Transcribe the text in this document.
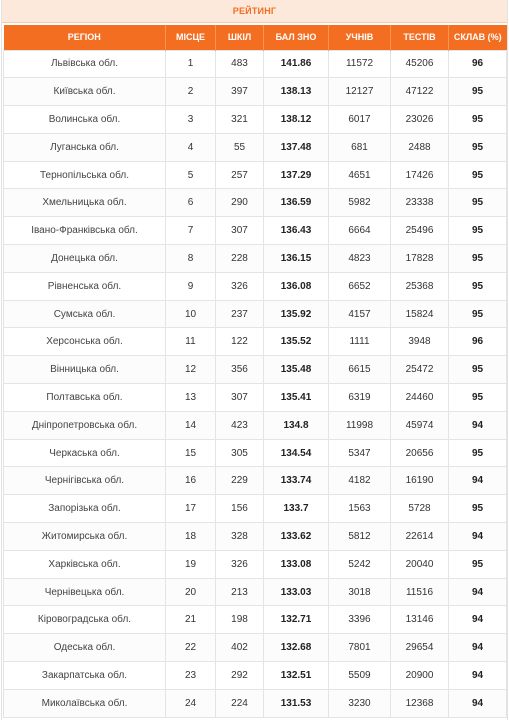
РЕЙТИНГ
РЕГІОН	МІСЦЕ	ШКІЛ	БАЛ ЗНО	УЧНІВ	ТЕСТІВ	СКЛАВ (%)
Львівська обл.	1	483	141.86	11572	45206	96
Київська обл.	2	397	138.13	12127	47122	95
Волинська обл.	3	321	138.12	6017	23026	95
Луганська обл.	4	55	137.48	681	2488	95
Тернопільська обл.	5	257	137.29	4651	17426	95
Хмельницька обл.	6	290	136.59	5982	23338	95
Івано-Франківська обл.	7	307	136.43	6664	25496	95
Донецька обл.	8	228	136.15	4823	17828	95
Рівненська обл.	9	326	136.08	6652	25368	95
Сумська обл.	10	237	135.92	4157	15824	95
Херсонська обл.	11	122	135.52	1111	3948	96
Вінницька обл.	12	356	135.48	6615	25472	95
Полтавська обл.	13	307	135.41	6319	24460	95
Дніпропетровська обл.	14	423	134.8	11998	45974	94
Черкаська обл.	15	305	134.54	5347	20656	95
Чернігівська обл.	16	229	133.74	4182	16190	94
Запорізька обл.	17	156	133.7	1563	5728	95
Житомирська обл.	18	328	133.62	5812	22614	94
Харківська обл.	19	326	133.08	5242	20040	95
Чернівецька обл.	20	213	133.03	3018	11516	94
Кіровоградська обл.	21	198	132.71	3396	13146	94
Одеська обл.	22	402	132.68	7801	29654	94
Закарпатська обл.	23	292	132.51	5509	20900	94
Миколаївська обл.	24	224	131.53	3230	12368	94
